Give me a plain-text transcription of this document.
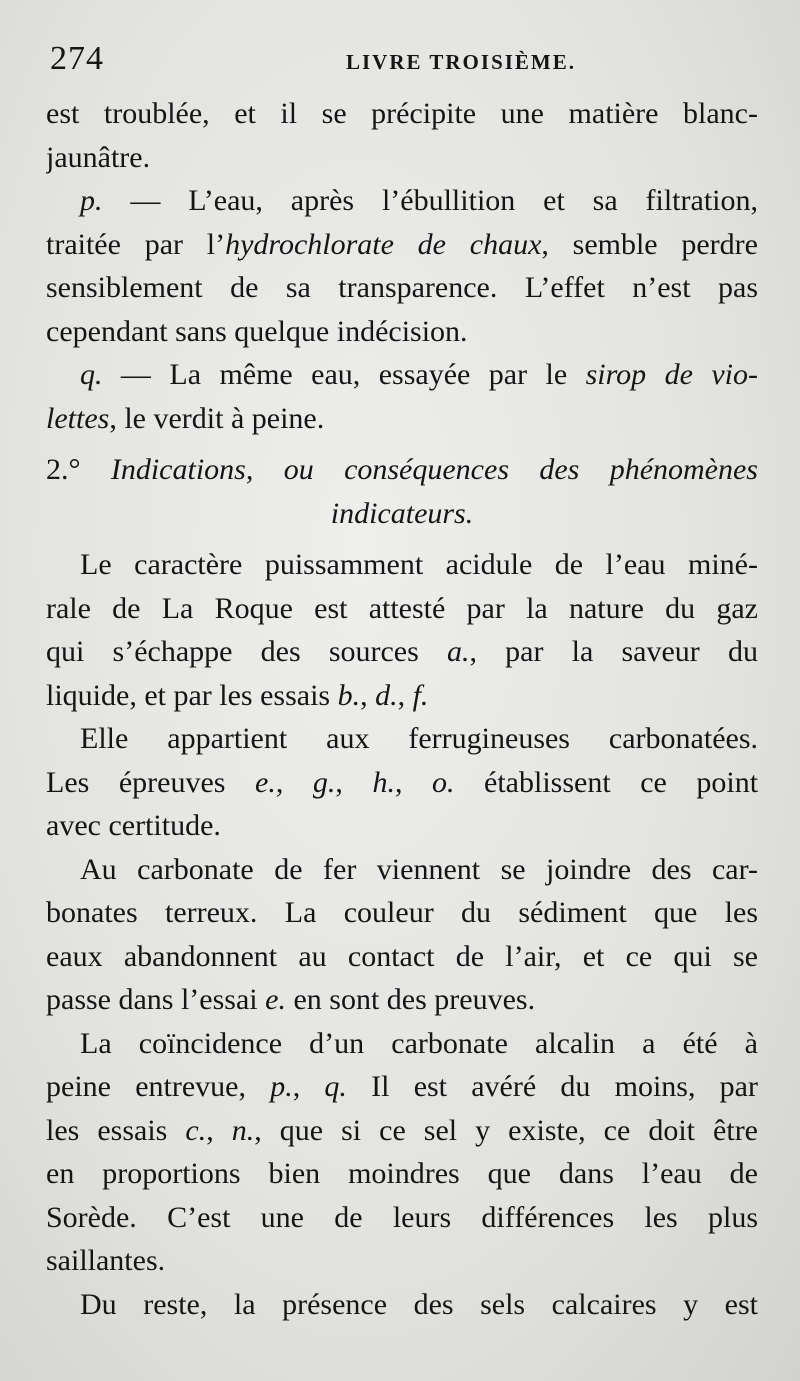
274	LIVRE TROISIÈME.
est troublée, et il se précipite une matière blanc-
jaunâtre.
p. — L’eau, après l’ébullition et sa filtration,
traitée par l’hydrochlorate de chaux, semble perdre
sensiblement de sa transparence. L’effet n’est pas
cependant sans quelque indécision.
q. — La même eau, essayée par le sirop de vio-
lettes, le verdit à peine.
2.° Indications, ou conséquences des phénomènes
indicateurs.
Le caractère puissamment acidule de l’eau miné-
rale de La Roque est attesté par la nature du gaz
qui s’échappe des sources a., par la saveur du
liquide, et par les essais b., d., f.
Elle appartient aux ferrugineuses carbonatées.
Les épreuves e., g., h., o. établissent ce point
avec certitude.
Au carbonate de fer viennent se joindre des car-
bonates terreux. La couleur du sédiment que les
eaux abandonnent au contact de l’air, et ce qui se
passe dans l’essai e. en sont des preuves.
La coïncidence d’un carbonate alcalin a été à
peine entrevue, p., q. Il est avéré du moins, par
les essais c., n., que si ce sel y existe, ce doit être
en proportions bien moindres que dans l’eau de
Sorède. C’est une de leurs différences les plus
saillantes.
Du reste, la présence des sels calcaires y est
